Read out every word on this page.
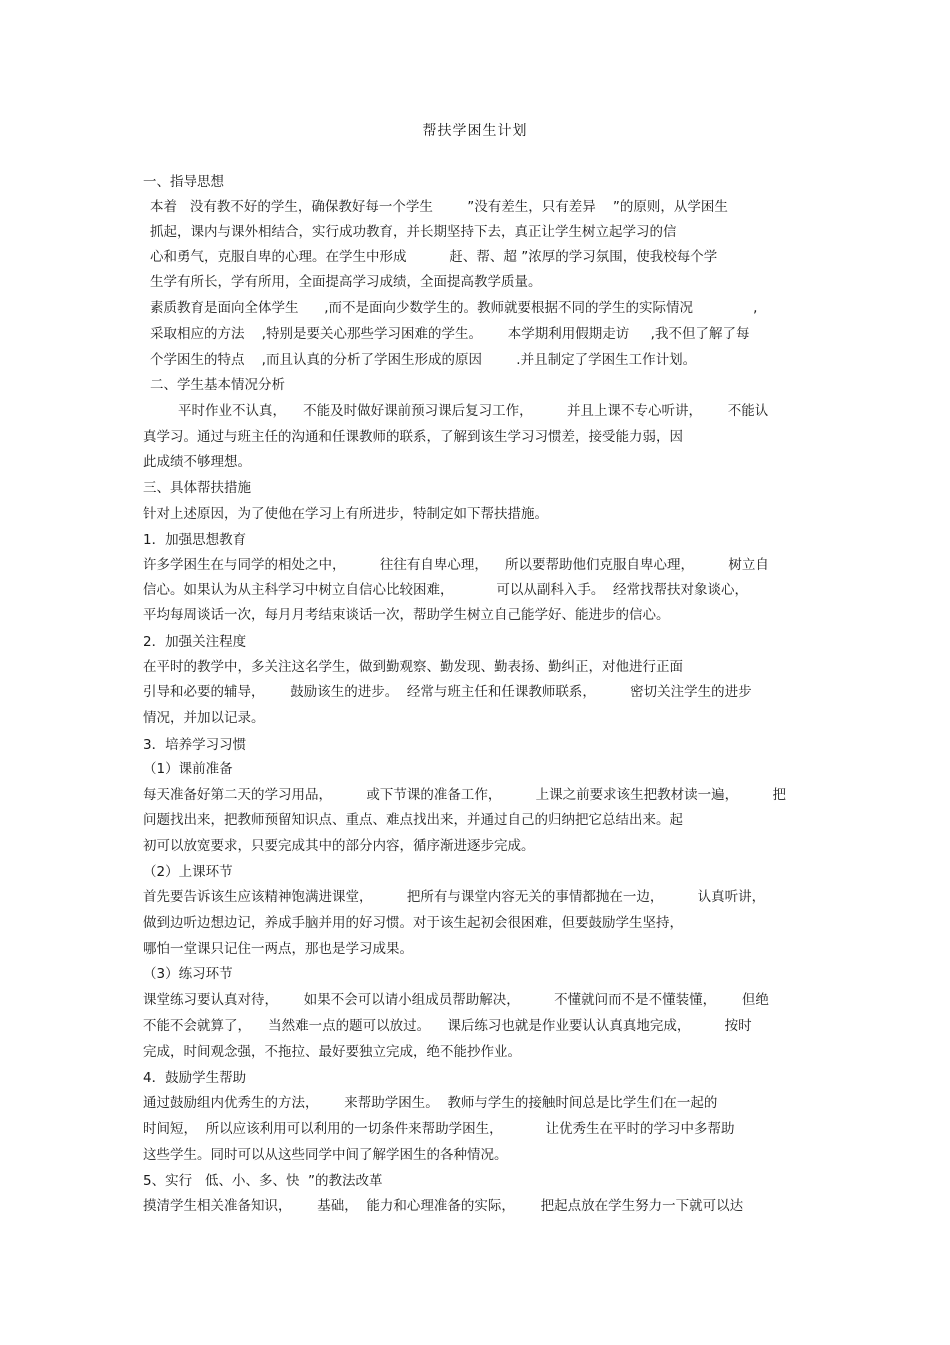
帮扶学困生计划
一、指导思想
本着   没有教不好的学生，确保教好每一个学生        ”没有差生，只有差异    ”的原则，从学困生
抓起，课内与课外相结合，实行成功教育，并长期坚持下去，真正让学生树立起学习的信
心和勇气，克服自卑的心理。在学生中形成          赶、帮、超 ”浓厚的学习氛围，使我校每个学
生学有所长，学有所用，全面提高学习成绩，全面提高教学质量。
素质教育是面向全体学生      ,而不是面向少数学生的。教师就要根据不同的学生的实际情况              ,
采取相应的方法    ,特别是要关心那些学习困难的学生。      本学期利用假期走访     ,我不但了解了每
个学困生的特点    ,而且认真的分析了学困生形成的原因        .并且制定了学困生工作计划。
二、学生基本情况分析
平时作业不认真，    不能及时做好课前预习课后复习工作，        并且上课不专心听讲，      不能认
真学习。通过与班主任的沟通和任课教师的联系，了解到该生学习习惯差，接受能力弱，因
此成绩不够理想。
三、具体帮扶措施
针对上述原因，为了使他在学习上有所进步，特制定如下帮扶措施。
1．加强思想教育
许多学困生在与同学的相处之中，        往往有自卑心理，    所以要帮助他们克服自卑心理，        树立自
信心。如果认为从主科学习中树立自信心比较困难，          可以从副科入手。  经常找帮扶对象谈心，
平均每周谈话一次，每月月考结束谈话一次，帮助学生树立自己能学好、能进步的信心。
2．加强关注程度
在平时的教学中，多关注这名学生，做到勤观察、勤发现、勤表扬、勤纠正，对他进行正面
引导和必要的辅导，      鼓励该生的进步。  经常与班主任和任课教师联系，        密切关注学生的进步
情况，并加以记录。
3．培养学习习惯
（1）课前准备
每天准备好第二天的学习用品，        或下节课的准备工作，        上课之前要求该生把教材读一遍，        把
问题找出来，把教师预留知识点、重点、难点找出来，并通过自己的归纳把它总结出来。起
初可以放宽要求，只要完成其中的部分内容，循序渐进逐步完成。
（2）上课环节
首先要告诉该生应该精神饱满进课堂，        把所有与课堂内容无关的事情都抛在一边，        认真听讲，
做到边听边想边记，养成手脑并用的好习惯。对于该生起初会很困难，但要鼓励学生坚持，
哪怕一堂课只记住一两点，那也是学习成果。
（3）练习环节
课堂练习要认真对待，      如果不会可以请小组成员帮助解决，        不懂就问而不是不懂装懂，      但绝
不能不会就算了，    当然难一点的题可以放过。    课后练习也就是作业要认认真真地完成，        按时
完成，时间观念强，不拖拉、最好要独立完成，绝不能抄作业。
4．鼓励学生帮助
通过鼓励组内优秀生的方法，      来帮助学困生。  教师与学生的接触时间总是比学生们在一起的
时间短，  所以应该利用可以利用的一切条件来帮助学困生，          让优秀生在平时的学习中多帮助
这些学生。同时可以从这些同学中间了解学困生的各种情况。
5、实行   低、小、多、快  ”的教法改革
摸清学生相关准备知识，      基础，  能力和心理准备的实际，      把起点放在学生努力一下就可以达
